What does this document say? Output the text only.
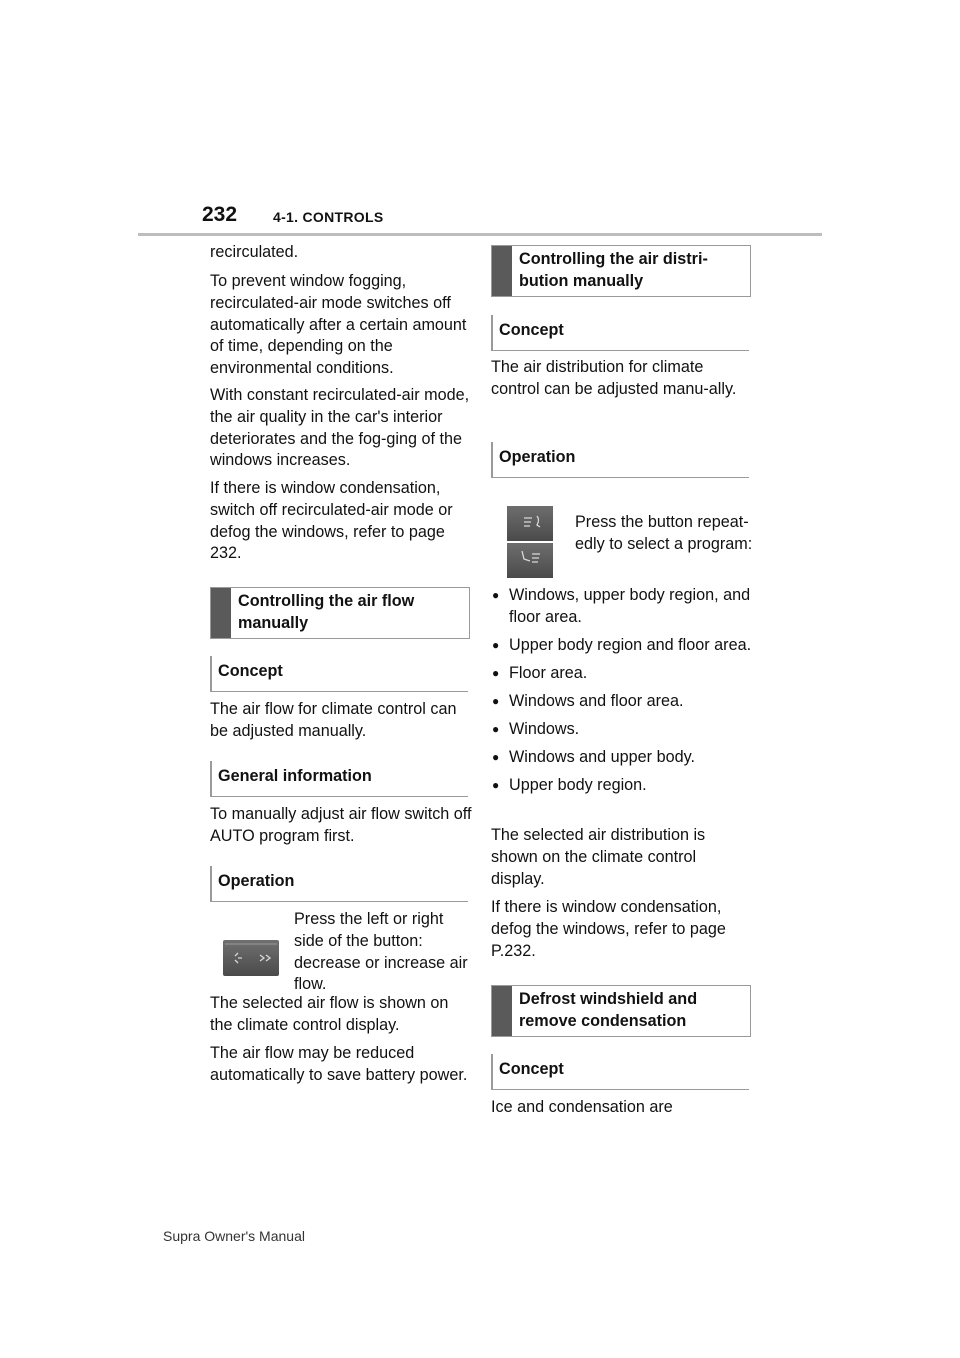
232	4-1. CONTROLS

recirculated.

To prevent window fogging, recirculated-air mode switches off automatically after a certain amount of time, depending on the environmental conditions.

With constant recirculated-air mode, the air quality in the car's interior deteriorates and the fog-ging of the windows increases.

If there is window condensation, switch off recirculated-air mode or defog the windows, refer to page 232.

Controlling the air flow manually
Concept

The air flow for climate control can be adjusted manually.

General information

To manually adjust air flow switch off AUTO program first.

Operation

Press the left or right side of the button: decrease or increase air flow.

The selected air flow is shown on the climate control display.

The air flow may be reduced automatically to save battery power.

Controlling the air distri-bution manually
Concept

The air distribution for climate control can be adjusted manu-ally.

Operation

Press the button repeat-edly to select a program:

● Windows, upper body region, and floor area.
● Upper body region and floor area.
● Floor area.
● Windows and floor area.
● Windows.
● Windows and upper body.
● Upper body region.

The selected air distribution is shown on the climate control display.

If there is window condensation, defog the windows, refer to page P.232.

Defrost windshield and remove condensation
Concept

Ice and condensation are

Supra Owner's Manual
